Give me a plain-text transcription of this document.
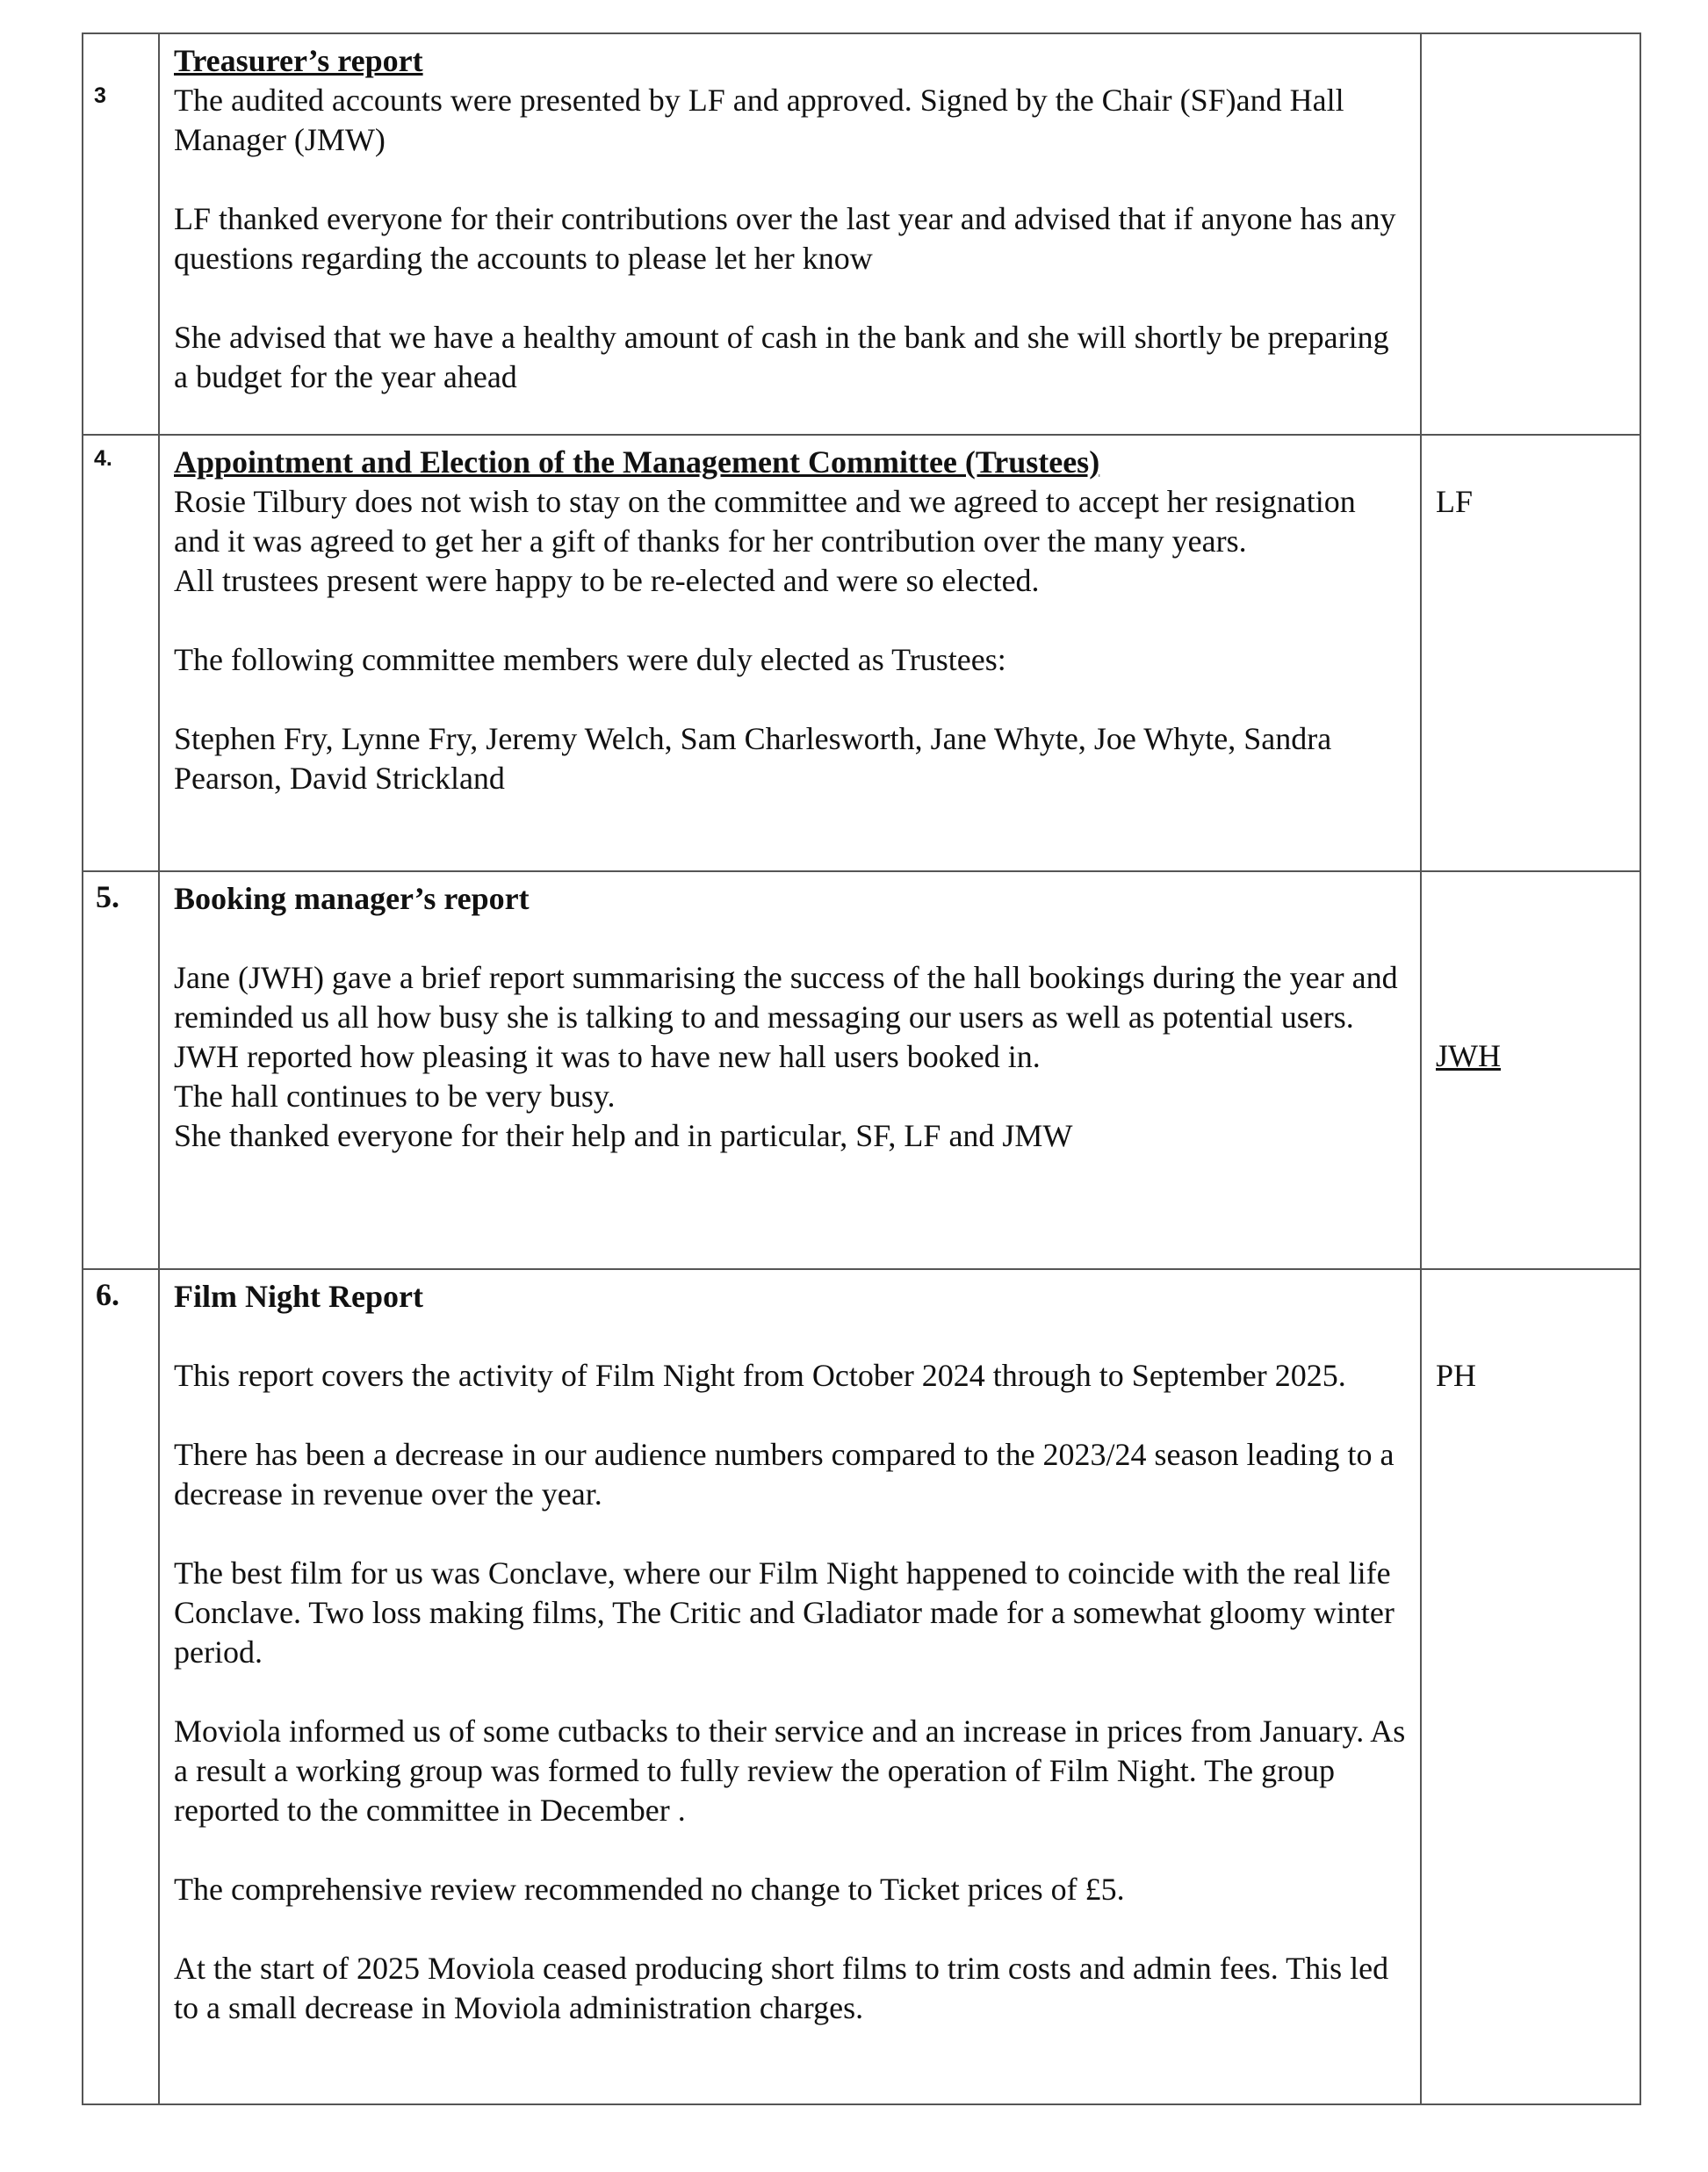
3
Treasurer’s report

The audited accounts were presented by LF and approved. Signed by the Chair (SF)and Hall Manager (JMW)

LF thanked everyone for their contributions over the last year and advised that if anyone has any questions regarding the accounts to please let her know

She advised that we have a healthy amount of cash in the bank and she will shortly be preparing a budget for the year ahead

4. Appointment and Election of the Management Committee (Trustees)

Rosie Tilbury does not wish to stay on the committee and we agreed to accept her resignation and it was agreed to get her a gift of thanks for her contribution over the many years.

All trustees present were happy to be re-elected and were so elected.

The following committee members were duly elected as Trustees:

Stephen Fry, Lynne Fry, Jeremy Welch, Sam Charlesworth, Jane Whyte, Joe Whyte, Sandra Pearson, David Strickland

LF
5. Booking manager’s report

Jane (JWH) gave a brief report summarising the success of the hall bookings during the year and reminded us all how busy she is talking to and messaging our users as well as potential users. JWH reported how pleasing it was to have new hall users booked in.

The hall continues to be very busy.

She thanked everyone for their help and in particular, SF, LF and JMW

JWH
6. Film Night Report

This report covers the activity of Film Night from October 2024 through to September 2025.

There has been a decrease in our audience numbers compared to the 2023/24 season leading to a decrease in revenue over the year.

The best film for us was Conclave, where our Film Night happened to coincide with the real life Conclave. Two loss making films, The Critic and Gladiator made for a somewhat gloomy winter period.

Moviola informed us of some cutbacks to their service and an increase in prices from January. As a result a working group was formed to fully review the operation of Film Night. The group reported to the committee in December .

The comprehensive review recommended no change to Ticket prices of £5.

At the start of 2025 Moviola ceased producing short films to trim costs and admin fees. This led to a small decrease in Moviola administration charges.

PH
